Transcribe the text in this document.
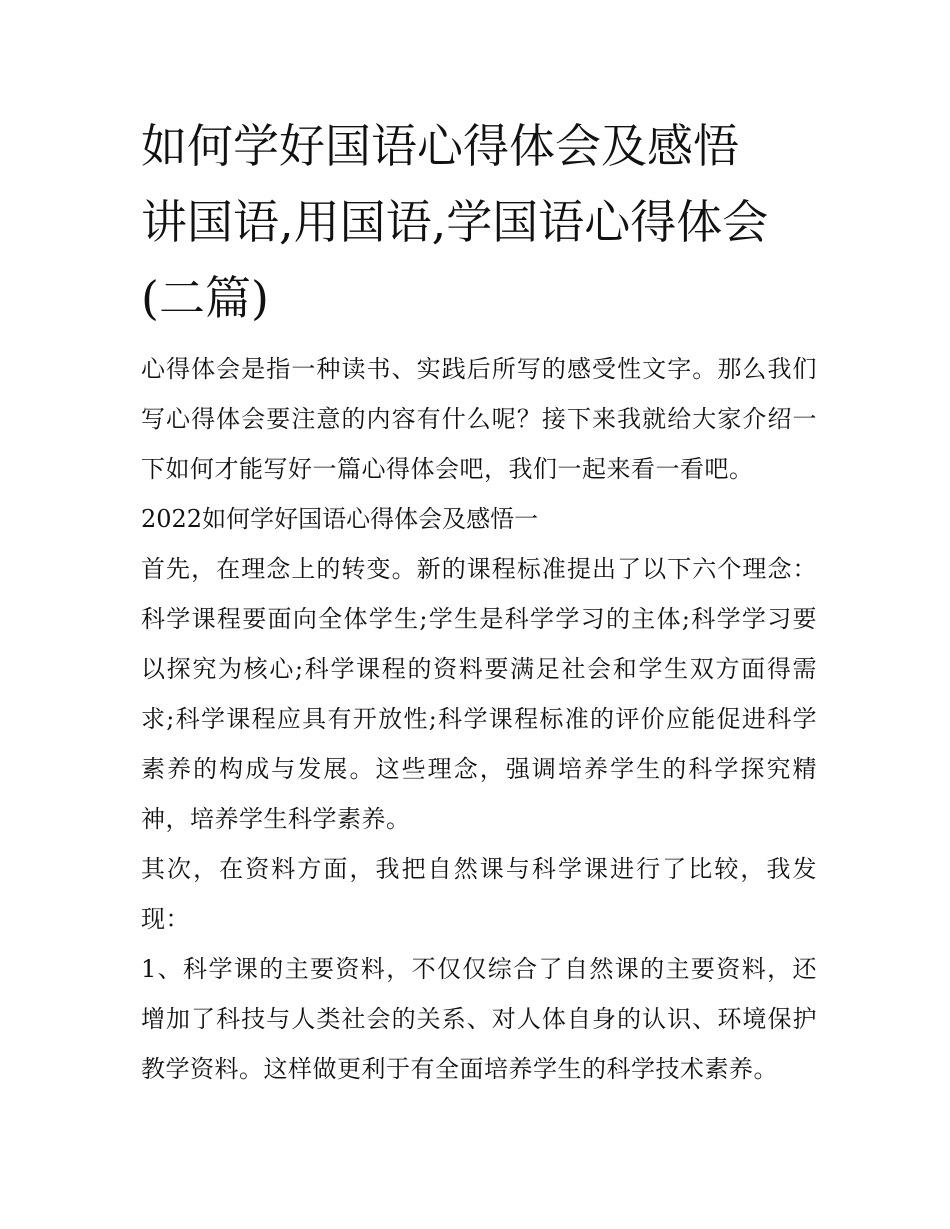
如何学好国语心得体会及感悟
讲国语,用国语,学国语心得体会
(二篇)

心得体会是指一种读书、实践后所写的感受性文字。那么我们写心得体会要注意的内容有什么呢？接下来我就给大家介绍一下如何才能写好一篇心得体会吧，我们一起来看一看吧。

2022如何学好国语心得体会及感悟一

首先，在理念上的转变。新的课程标准提出了以下六个理念：科学课程要面向全体学生;学生是科学学习的主体;科学学习要以探究为核心;科学课程的资料要满足社会和学生双方面得需求;科学课程应具有开放性;科学课程标准的评价应能促进科学素养的构成与发展。这些理念，强调培养学生的科学探究精神，培养学生科学素养。

其次，在资料方面，我把自然课与科学课进行了比较，我发现：

1、科学课的主要资料，不仅仅综合了自然课的主要资料，还增加了科技与人类社会的关系、对人体自身的认识、环境保护教学资料。这样做更利于有全面培养学生的科学技术素养。
